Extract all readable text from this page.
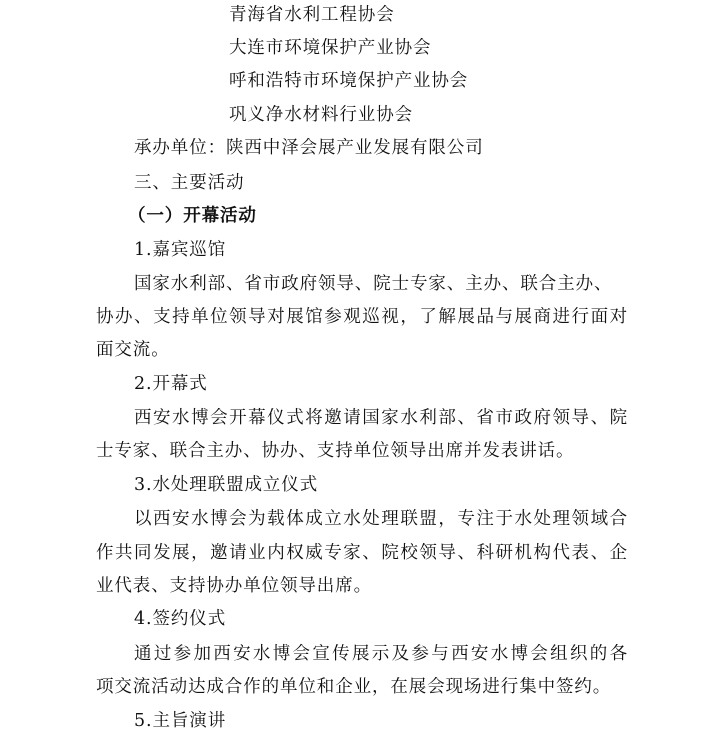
青海省水利工程协会
大连市环境保护产业协会
呼和浩特市环境保护产业协会
巩义净水材料行业协会
承办单位：陕西中泽会展产业发展有限公司
三、主要活动
（一）开幕活动
1.嘉宾巡馆
国家水利部、省市政府领导、院士专家、主办、联合主办、
协办、支持单位领导对展馆参观巡视，了解展品与展商进行面对
面交流。
2.开幕式
西安水博会开幕仪式将邀请国家水利部、省市政府领导、院
士专家、联合主办、协办、支持单位领导出席并发表讲话。
3.水处理联盟成立仪式
以西安水博会为载体成立水处理联盟，专注于水处理领域合
作共同发展，邀请业内权威专家、院校领导、科研机构代表、企
业代表、支持协办单位领导出席。
4.签约仪式
通过参加西安水博会宣传展示及参与西安水博会组织的各
项交流活动达成合作的单位和企业，在展会现场进行集中签约。
5.主旨演讲
